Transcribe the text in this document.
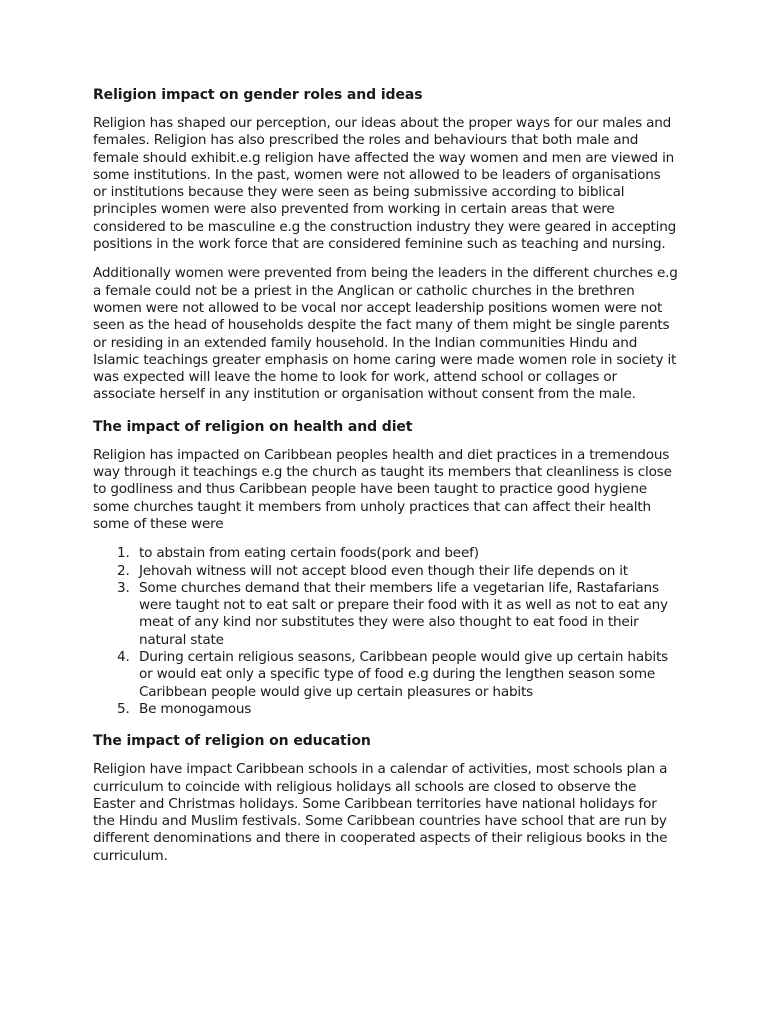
Religion impact on gender roles and ideas

Religion has shaped our perception, our ideas about the proper ways for our males and females. Religion has also prescribed the roles and behaviours that both male and female should exhibit.e.g religion have affected the way women and men are viewed in some institutions. In the past, women were not allowed to be leaders of organisations or institutions because they were seen as being submissive according to biblical principles women were also prevented from working in certain areas that were considered to be masculine e.g the construction industry they were geared in accepting positions in the work force that are considered feminine such as teaching and nursing.

Additionally women were prevented from being the leaders in the different churches e.g a female could not be a priest in the Anglican or catholic churches in the brethren women were not allowed to be vocal nor accept leadership positions women were not seen as the head of households despite the fact many of them might be single parents or residing in an extended family household. In the Indian communities Hindu and Islamic teachings greater emphasis on home caring were made women role in society it was expected will leave the home to look for work, attend school or collages or associate herself in any institution or organisation without consent from the male.

The impact of religion on health and diet

Religion has impacted on Caribbean peoples health and diet practices in a tremendous way through it teachings e.g the church as taught its members that cleanliness is close to godliness and thus Caribbean people have been taught to practice good hygiene some churches taught it members from unholy practices that can affect their health some of these were

1. to abstain from eating certain foods(pork and beef)
2. Jehovah witness will not accept blood even though their life depends on it
3. Some churches demand that their members life a vegetarian life, Rastafarians were taught not to eat salt or prepare their food with it as well as not to eat any meat of any kind nor substitutes they were also thought to eat food in their natural state
4. During certain religious seasons, Caribbean people would give up certain habits or would eat only a specific type of food e.g during the lengthen season some Caribbean people would give up certain pleasures or habits
5. Be monogamous
The impact of religion on education

Religion have impact Caribbean schools in a calendar of activities, most schools plan a curriculum to coincide with religious holidays all schools are closed to observe the Easter and Christmas holidays. Some Caribbean territories have national holidays for the Hindu and Muslim festivals. Some Caribbean countries have school that are run by different denominations and there in cooperated aspects of their religious books in the curriculum.
